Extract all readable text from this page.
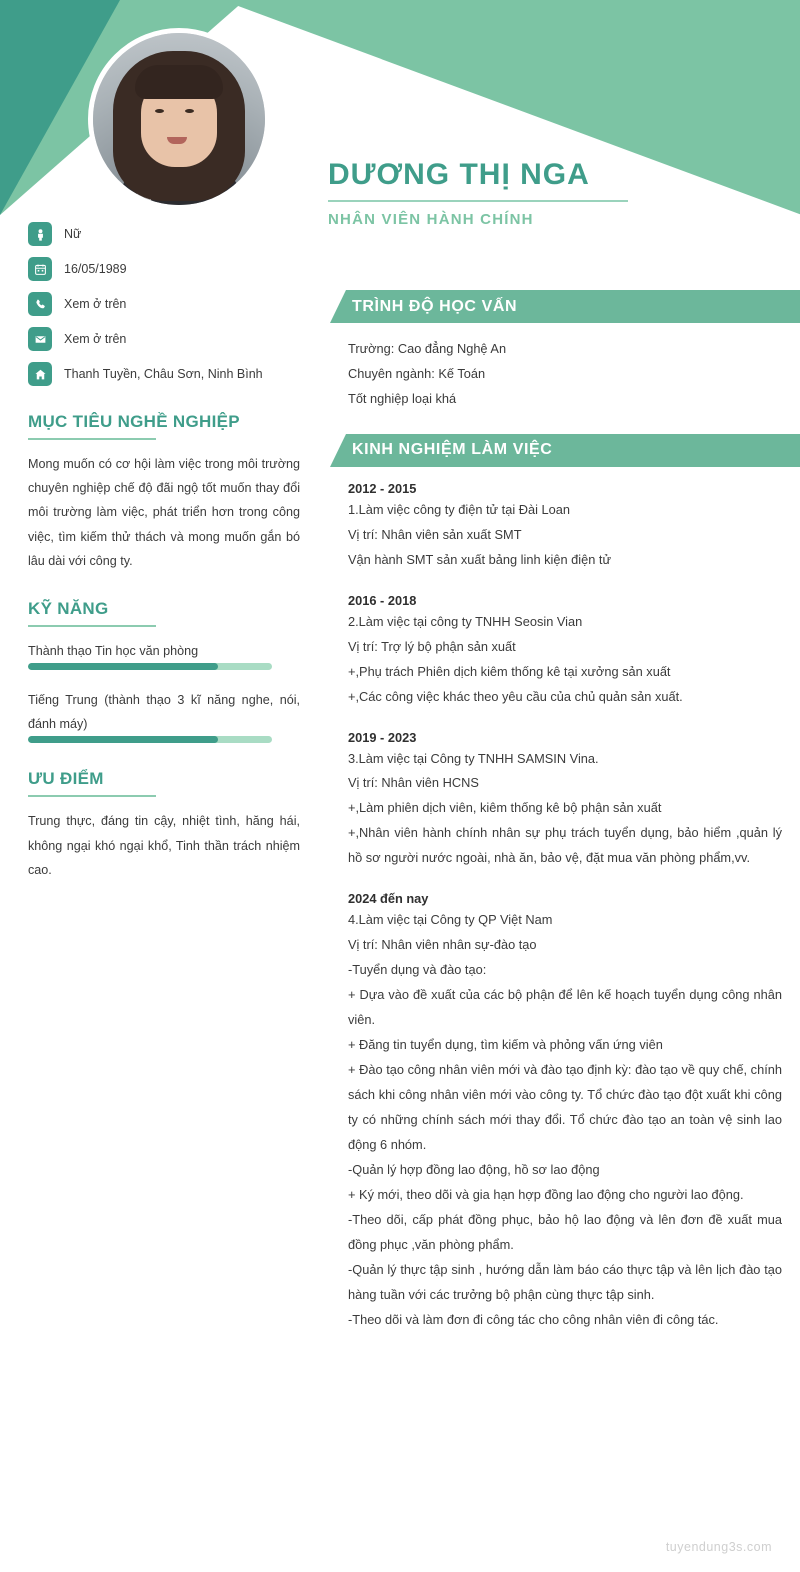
DƯƠNG THỊ NGA
NHÂN VIÊN HÀNH CHÍNH
Nữ
16/05/1989
Xem ở trên
Xem ở trên
Thanh Tuyền, Châu Sơn, Ninh Bình
MỤC TIÊU NGHỀ NGHIỆP

Mong muốn có cơ hội làm việc trong môi trường chuyên nghiệp chế độ đãi ngộ tốt muốn thay đổi môi trường làm việc, phát triển hơn trong công việc, tìm kiếm thử thách và mong muốn gắn bó lâu dài với công ty.

KỸ NĂNG

Thành thạo Tin học văn phòng

Tiếng Trung (thành thạo 3 kĩ năng nghe, nói, đánh máy)

ƯU ĐIỂM

Trung thực, đáng tin cậy, nhiệt tình, hăng hái, không ngại khó ngại khổ, Tinh thần trách nhiệm cao.

TRÌNH ĐỘ HỌC VẤN

Trường: Cao đẳng Nghệ An

Chuyên ngành: Kế Toán

Tốt nghiệp loại khá

KINH NGHIỆM LÀM VIỆC

2012 - 2015

1.Làm việc công ty điện tử tại Đài Loan

Vị trí: Nhân viên sản xuất SMT

Vận hành SMT sản xuất bảng linh kiện điện tử

2016 - 2018

2.Làm việc tại công ty TNHH Seosin Vian

Vị trí: Trợ lý bộ phận sản xuất

+,Phụ trách Phiên dịch kiêm thống kê tại xưởng sản xuất

+,Các công việc khác theo yêu cầu của chủ quản sản xuất.

2019 - 2023

3.Làm việc tại Công ty TNHH SAMSIN Vina.

Vị trí: Nhân viên HCNS

+,Làm phiên dịch viên, kiêm thống kê bộ phận sản xuất

+,Nhân viên hành chính nhân sự phụ trách tuyển dụng, bảo hiểm ,quản lý hồ sơ người nước ngoài, nhà ăn, bảo vệ, đặt mua văn phòng phẩm,vv.

2024 đến nay

4.Làm việc tại Công ty QP Việt Nam

Vị trí: Nhân viên nhân sự-đào tạo

-Tuyển dụng và đào tạo:

+ Dựa vào đề xuất của các bộ phận để lên kế hoạch tuyển dụng công nhân viên.

+ Đăng tin tuyển dụng, tìm kiếm và phỏng vấn ứng viên

+ Đào tạo công nhân viên mới và đào tạo định kỳ: đào tạo về quy chế, chính sách khi công nhân viên mới vào công ty. Tổ chức đào tạo đột xuất khi công ty có những chính sách mới thay đổi. Tổ chức đào tạo an toàn vệ sinh lao động 6 nhóm.

-Quản lý hợp đồng lao động, hồ sơ lao động

+ Ký mới, theo dõi và gia hạn hợp đồng lao động cho người lao động.

-Theo dõi, cấp phát đồng phục, bảo hộ lao động và lên đơn đề xuất mua đồng phục ,văn phòng phẩm.

-Quản lý thực tập sinh , hướng dẫn làm báo cáo thực tập và lên lịch đào tạo hàng tuần với các trưởng bộ phận cùng thực tập sinh.

-Theo dõi và làm đơn đi công tác cho công nhân viên đi công tác.

tuyendung3s.com
